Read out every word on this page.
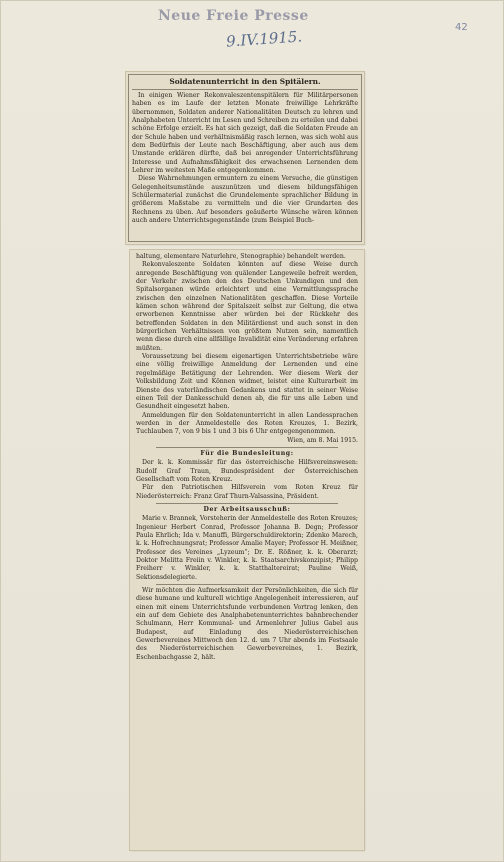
Neue Freie Presse
9.IV.1915.	42
Soldatenunterricht in den Spitälern.

In einigen Wiener Rekonvaleszentenspitälern für Militärpersonen haben es im Laufe der letzten Monate freiwillige Lehrkräfte übernommen, Soldaten anderer Nationalitäten Deutsch zu lehren und Analphabeten Unterricht im Lesen und Schreiben zu erteilen und dabei schöne Erfolge erzielt. Es hat sich gezeigt, daß die Soldaten Freude an der Schule haben und verhältnismäßig rasch lernen, was sich wohl aus dem Bedürfnis der Leute nach Beschäftigung, aber auch aus dem Umstande erklären dürfte, daß bei anregender Unterrichtsführung Interesse und Aufnahmsfähigkeit des erwachsenen Lernenden dem Lehrer im weitesten Maße entgegenkommen.

Diese Wahrnehmungen ermuntern zu einem Versuche, die günstigen Gelegenheitsumstände auszunützen und diesem bildungsfähigen Schülermaterial zunächst die Grundelemente sprachlicher Bildung in größerem Maßstabe zu vermitteln und die vier Grundarten des Rechnens zu üben. Auf besonders geäußerte Wünsche wären können auch andere Unterrichtsgegenstände (zum Beispiel Buch-

haltung, elementare Naturlehre, Stenographie) behandelt werden.

Rekonvaleszente Soldaten könnten auf diese Weise durch anregende Beschäftigung von quälender Langeweile befreit werden, der Verkehr zwischen den des Deutschen Unkundigen und den Spitalsorganen würde erleichtert und eine Vermittlungssprache zwischen den einzelnen Nationalitäten geschaffen. Diese Vorteile kämen schon während der Spitalszeit selbst zur Geltung, die etwa erworbenen Kenntnisse aber würden bei der Rückkehr des betreffenden Soldaten in den Militärdienst und auch sonst in den bürgerlichen Verhältnissen von größtem Nutzen sein, namentlich wenn diese durch eine allfällige Invalidität eine Veränderung erfahren müßten.

Voraussetzung bei diesem eigenartigen Unterrichtsbetriebe wäre eine völlig freiwillige Anmeldung der Lernenden und eine regelmäßige Betätigung der Lehrenden. Wer diesem Werk der Volksbildung Zeit und Können widmet, leistet eine Kulturarbeit im Dienste des vaterländischen Gedankens und stattet in seiner Weise einen Teil der Dankesschuld denen ab, die für uns alle Leben und Gesundheit eingesetzt haben.

Anmeldungen für den Soldatenunterricht in allen Landessprachen werden in der Anmeldestelle des Roten Kreuzes, 1. Bezirk, Tuchlauben 7, von 9 bis 1 und 3 bis 6 Uhr entgegengenommen.

Wien, am 8. Mai 1915.

Für die Bundesleitung:

Der k. k. Kommissär für das österreichische Hilfsvereinswesen: Rudolf Graf Traun, Bundespräsident der Österreichischen Gesellschaft vom Roten Kreuz.

Für den Patriotischen Hilfsverein vom Roten Kreuz für Niederösterreich: Franz Graf Thurn-Valsassina, Präsident.

Der Arbeitsausschuß:

Marie v. Brannek, Vorsteherin der Anmeldestelle des Roten Kreuzes; Ingenieur Herbert Conrad, Professor Johanna B. Degn; Professor Paula Ehrlich; Ida v. Manuffi, Bürgerschuldirektorin; Zdenko Marech, k. k. Hofrechnungsrat; Professor Amalie Mayer; Professor H. Meißner, Professor des Vereines „Lyzeum“; Dr. E. Rößner, k. k. Oberarzt; Doktor Melitta Freiin v. Winkler, k. k. Staatsarchivskonzipist; Philipp Freiherr v. Winkler, k. k. Statthaltereirat; Pauline Weiß, Sektionsdelegierte.

Wir möchten die Aufmerksamkeit der Persönlichkeiten, die sich für diese humane und kulturell wichtige Angelegenheit interessieren, auf einen mit einem Unterrichtsfunde verbundenen Vortrag lenken, den ein auf dem Gebiete des Analphabetenunterrichtes bahnbrechender Schulmann, Herr Kommunal- und Armenlehrer Julius Gabel aus Budapest, auf Einladung des Niederösterreichischen Gewerbevereines Mittwoch den 12. d. um 7 Uhr abends im Festsaale des Niederösterreichischen Gewerbevereines, 1. Bezirk, Eschenbachgasse 2, hält.
